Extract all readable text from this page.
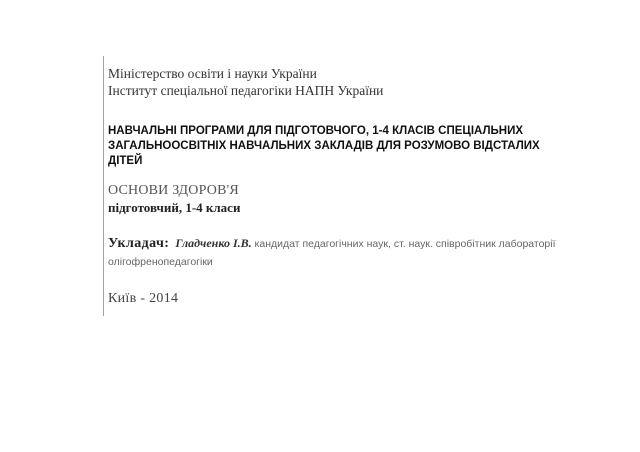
Міністерство освіти і науки України
Інститут спеціальної педагогіки НАПН України
НАВЧАЛЬНІ ПРОГРАМИ ДЛЯ ПІДГОТОВЧОГО, 1-4 КЛАСІВ СПЕЦІАЛЬНИХ ЗАГАЛЬНООСВІТНІХ НАВЧАЛЬНИХ ЗАКЛАДІВ ДЛЯ РОЗУМОВО ВІДСТАЛИХ ДІТЕЙ
ОСНОВИ ЗДОРОВ'Я
підготовчий, 1-4 класи
Укладач: Гладченко І.В. кандидат педагогічних наук, ст. наук. співробітник лабораторії олігофренопедагогіки
Київ - 2014
